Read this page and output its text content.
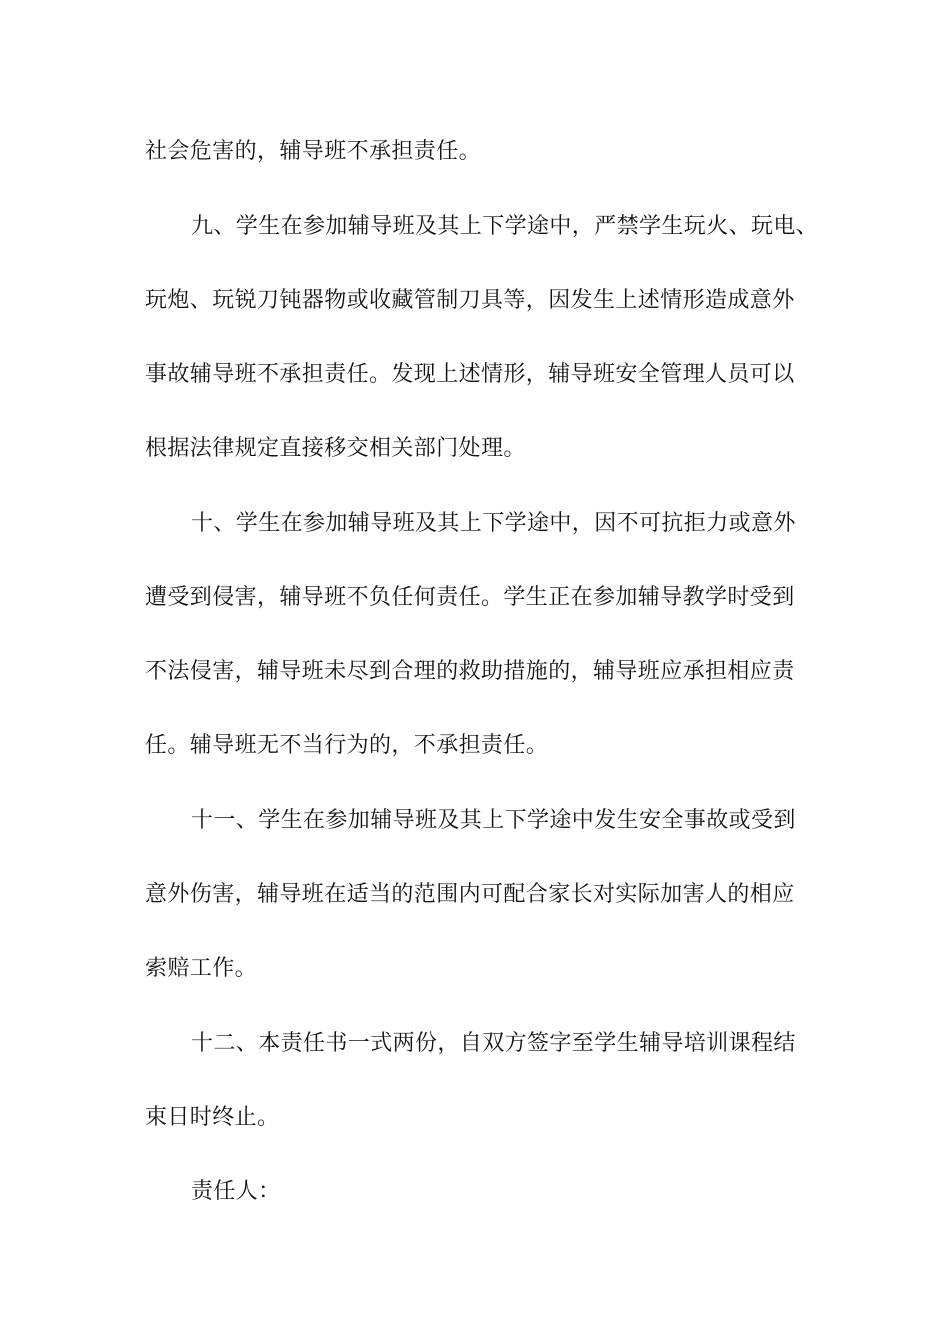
社会危害的，辅导班不承担责任。
九、学生在参加辅导班及其上下学途中，严禁学生玩火、玩电、
玩炮、玩锐刀钝器物或收藏管制刀具等，因发生上述情形造成意外
事故辅导班不承担责任。发现上述情形，辅导班安全管理人员可以
根据法律规定直接移交相关部门处理。
十、学生在参加辅导班及其上下学途中，因不可抗拒力或意外
遭受到侵害，辅导班不负任何责任。学生正在参加辅导教学时受到
不法侵害，辅导班未尽到合理的救助措施的，辅导班应承担相应责
任。辅导班无不当行为的，不承担责任。
十一、学生在参加辅导班及其上下学途中发生安全事故或受到
意外伤害，辅导班在适当的范围内可配合家长对实际加害人的相应
索赔工作。
十二、本责任书一式两份，自双方签字至学生辅导培训课程结
束日时终止。
责任人：
